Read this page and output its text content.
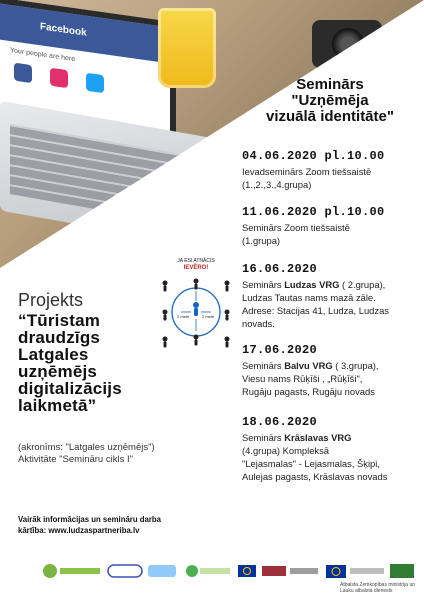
Facebook
Your people are here
Seminārs
"Uzņēmēja
vizuālā identitāte"
04.06.2020 pl.10.00
Ievadseminārs Zoom tiešsaistē
(1.,2.,3.,4.grupa)
11.06.2020 pl.10.00
Seminārs Zoom tiešsaistē
(1.grupa)
16.06.2020
Seminārs Ludzas VRG ( 2.grupa),
Ludzas Tautas nams mazā zāle.
Adrese: Stacijas 41, Ludza, Ludzas
novads.
17.06.2020
Seminārs Balvu VRG ( 3.grupa),
Viesu nams Rūķīši , „Rūķīši",
Rugāju pagasts, Rugāju novads
18.06.2020
Seminārs Krāslavas VRG
(4.grupa) Kompleksā
"Lejasmalas" - Lejasmalas, Šķipi,
Aulejas pagasts, Krāslavas novads
JA ESI ATNĀCIS
IEVĒRO!
2 metri	2 metri
Projekts
“Tūristam
draudzīgs
Latgales
uzņēmējs
digitalizācijs
laikmetā”
(akronīms: "Latgales uzņēmējs")
Aktivitāte "Semināru cikls I"
Vairāk informācijas un semināru darba
kārtība: www.ludzaspartneriba.lv
Atbalsta Zemkopības ministrija un Lauku atbalsta dienests
